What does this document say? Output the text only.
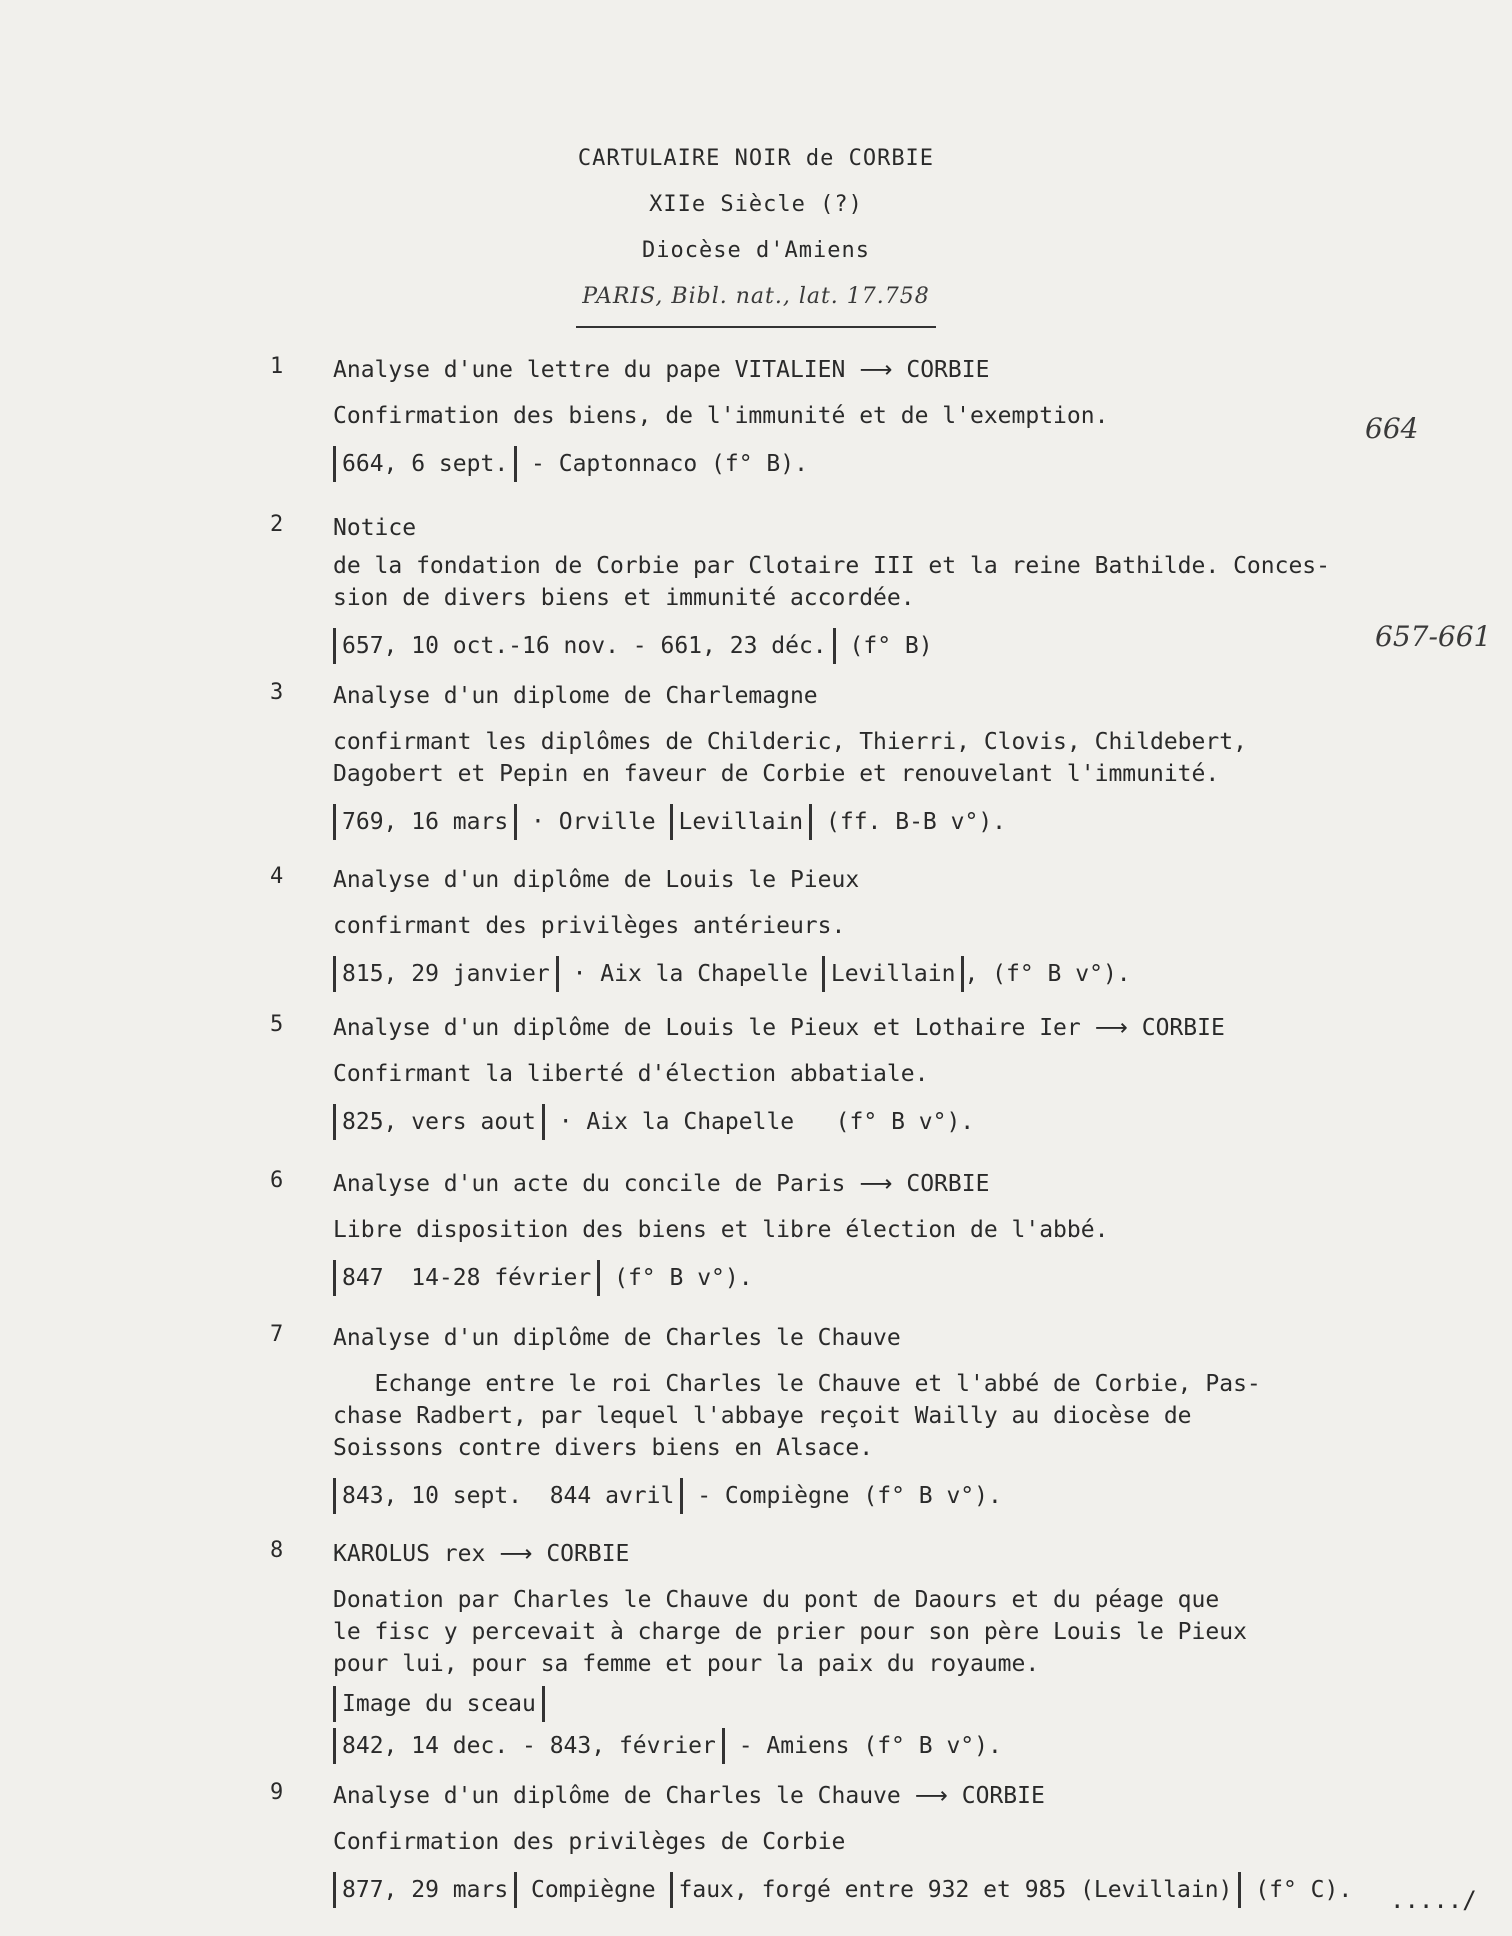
CARTULAIRE NOIR de CORBIE
XIIe Siècle (?)
Diocèse d'Amiens
PARIS, Bibl. nat., lat. 17.758
664
657-661
1 Analyse d'une lettre du pape VITALIEN ⟶ CORBIE

Confirmation des biens, de l'immunité et de l'exemption.

664, 6 sept. - Captonnaco (f° B).

2 Notice

de la fondation de Corbie par Clotaire III et la reine Bathilde. Conces-
sion de divers biens et immunité accordée.

657, 10 oct.-16 nov. - 661, 23 déc. (f° B)

3 Analyse d'un diplome de Charlemagne

confirmant les diplômes de Childeric, Thierri, Clovis, Childebert,
Dagobert et Pepin en faveur de Corbie et renouvelant l'immunité.

769, 16 mars · Orville Levillain (ff. B-B v°).

4 Analyse d'un diplôme de Louis le Pieux

confirmant des privilèges antérieurs.

815, 29 janvier · Aix la Chapelle Levillain , (f° B v°).

5 Analyse d'un diplôme de Louis le Pieux et Lothaire Ier ⟶ CORBIE

Confirmant la liberté d'élection abbatiale.

825, vers aout · Aix la Chapelle   (f° B v°).

6 Analyse d'un acte du concile de Paris ⟶ CORBIE

Libre disposition des biens et libre élection de l'abbé.

847  14-28 février (f° B v°).

7 Analyse d'un diplôme de Charles le Chauve

Echange entre le roi Charles le Chauve et l'abbé de Corbie, Pas-
chase Radbert, par lequel l'abbaye reçoit Wailly au diocèse de
Soissons contre divers biens en Alsace.

843, 10 sept.  844 avril - Compiègne (f° B v°).

8 KAROLUS rex ⟶ CORBIE

Donation par Charles le Chauve du pont de Daours et du péage que
le fisc y percevait à charge de prier pour son père Louis le Pieux
pour lui, pour sa femme et pour la paix du royaume.

Image du sceau

842, 14 dec. - 843, février - Amiens (f° B v°).

9 Analyse d'un diplôme de Charles le Chauve ⟶ CORBIE

Confirmation des privilèges de Corbie

877, 29 mars Compiègne faux, forgé entre 932 et 985 (Levillain) (f° C).	...../
